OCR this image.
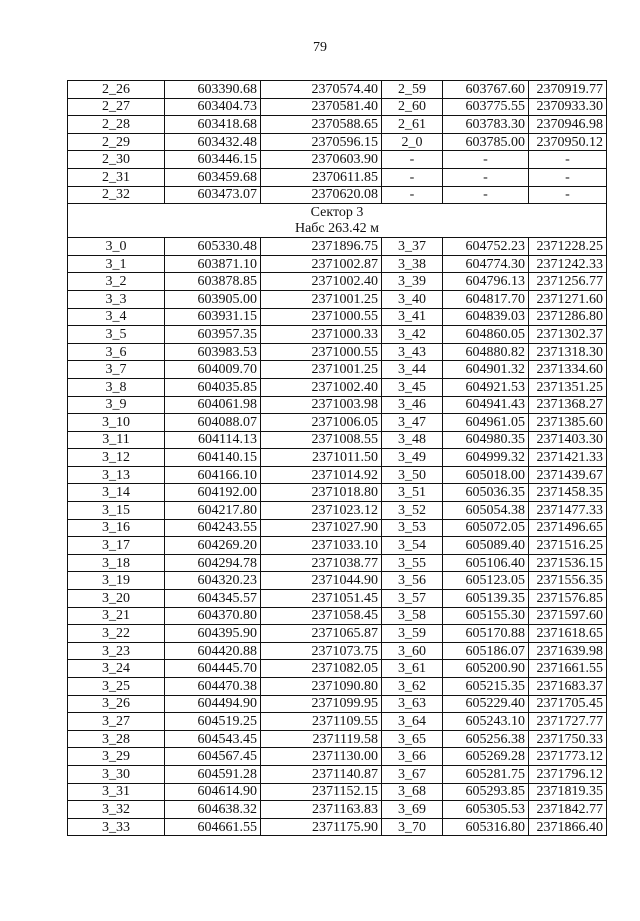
79
2_26	603390.68	2370574.40	2_59	603767.60	2370919.77
2_27	603404.73	2370581.40	2_60	603775.55	2370933.30
2_28	603418.68	2370588.65	2_61	603783.30	2370946.98
2_29	603432.48	2370596.15	2_0	603785.00	2370950.12
2_30	603446.15	2370603.90	-	-	-
2_31	603459.68	2370611.85	-	-	-
2_32	603473.07	2370620.08	-	-	-

Сектор 3
Набс 263.42 м					

3_0	605330.48	2371896.75	3_37	604752.23	2371228.25
3_1	603871.10	2371002.87	3_38	604774.30	2371242.33
3_2	603878.85	2371002.40	3_39	604796.13	2371256.77
3_3	603905.00	2371001.25	3_40	604817.70	2371271.60
3_4	603931.15	2371000.55	3_41	604839.03	2371286.80
3_5	603957.35	2371000.33	3_42	604860.05	2371302.37
3_6	603983.53	2371000.55	3_43	604880.82	2371318.30
3_7	604009.70	2371001.25	3_44	604901.32	2371334.60
3_8	604035.85	2371002.40	3_45	604921.53	2371351.25
3_9	604061.98	2371003.98	3_46	604941.43	2371368.27
3_10	604088.07	2371006.05	3_47	604961.05	2371385.60
3_11	604114.13	2371008.55	3_48	604980.35	2371403.30
3_12	604140.15	2371011.50	3_49	604999.32	2371421.33
3_13	604166.10	2371014.92	3_50	605018.00	2371439.67
3_14	604192.00	2371018.80	3_51	605036.35	2371458.35
3_15	604217.80	2371023.12	3_52	605054.38	2371477.33
3_16	604243.55	2371027.90	3_53	605072.05	2371496.65
3_17	604269.20	2371033.10	3_54	605089.40	2371516.25
3_18	604294.78	2371038.77	3_55	605106.40	2371536.15
3_19	604320.23	2371044.90	3_56	605123.05	2371556.35
3_20	604345.57	2371051.45	3_57	605139.35	2371576.85
3_21	604370.80	2371058.45	3_58	605155.30	2371597.60
3_22	604395.90	2371065.87	3_59	605170.88	2371618.65
3_23	604420.88	2371073.75	3_60	605186.07	2371639.98
3_24	604445.70	2371082.05	3_61	605200.90	2371661.55
3_25	604470.38	2371090.80	3_62	605215.35	2371683.37
3_26	604494.90	2371099.95	3_63	605229.40	2371705.45
3_27	604519.25	2371109.55	3_64	605243.10	2371727.77
3_28	604543.45	2371119.58	3_65	605256.38	2371750.33
3_29	604567.45	2371130.00	3_66	605269.28	2371773.12
3_30	604591.28	2371140.87	3_67	605281.75	2371796.12
3_31	604614.90	2371152.15	3_68	605293.85	2371819.35
3_32	604638.32	2371163.83	3_69	605305.53	2371842.77
3_33	604661.55	2371175.90	3_70	605316.80	2371866.40
